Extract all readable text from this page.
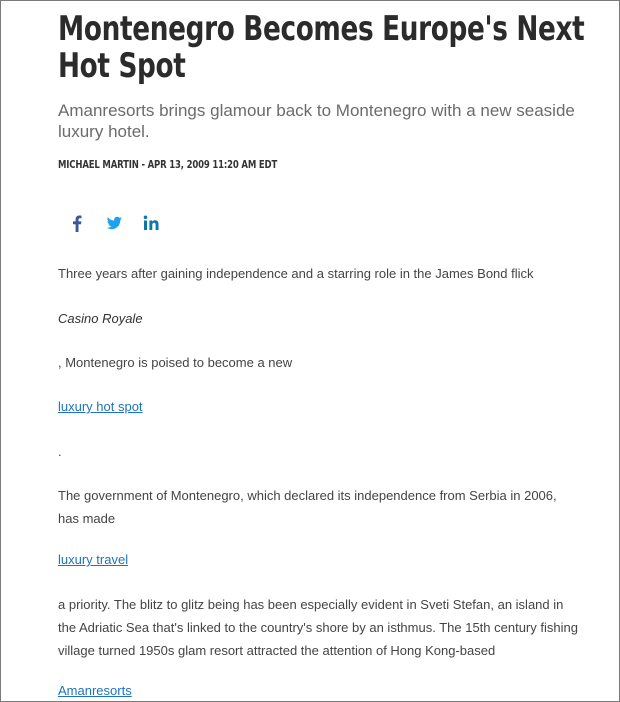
Montenegro Becomes Europe's Next Hot Spot

Amanresorts brings glamour back to Montenegro with a new seaside luxury hotel.

MICHAEL MARTIN - APR 13, 2009 11:20 AM EDT

Three years after gaining independence and a starring role in the James Bond flick

Casino Royale

, Montenegro is poised to become a new

luxury hot spot

.

The government of Montenegro, which declared its independence from Serbia in 2006, has made

luxury travel

a priority. The blitz to glitz being has been especially evident in Sveti Stefan, an island in the Adriatic Sea that's linked to the country's shore by an isthmus. The 15th century fishing village turned 1950s glam resort attracted the attention of Hong Kong-based

Amanresorts
